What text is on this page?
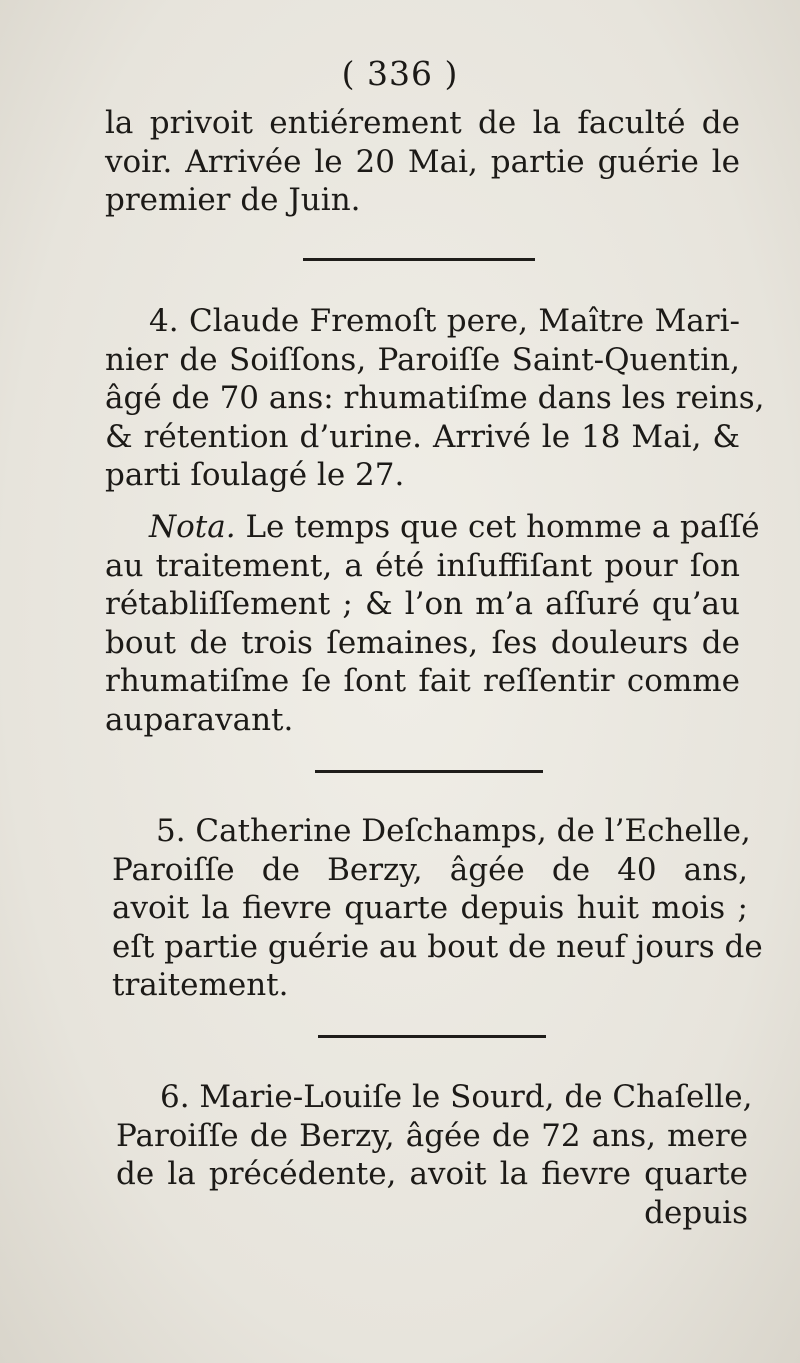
( 336 )
la privoit entiérement de la faculté de
voir. Arrivée le 20 Mai, partie guérie le
premier de Juin.
4. Claude Fremoſt pere, Maître Mari-
nier de Soiſſons, Paroiſſe Saint-Quentin,
âgé de 70 ans: rhumatiſme dans les reins,
& rétention d’urine. Arrivé le 18 Mai, &
parti ſoulagé le 27.
Nota. Le temps que cet homme a paſſé
au traitement, a été inſuffiſant pour ſon
rétabliſſement ; & l’on m’a aſſuré qu’au
bout de trois ſemaines, ſes douleurs de
rhumatiſme ſe ſont fait reſſentir comme
auparavant.
5. Catherine Deſchamps, de l’Echelle,
Paroiſſe de Berzy, âgée de 40 ans,
avoit la fievre quarte depuis huit mois ;
eſt partie guérie au bout de neuf jours de
traitement.
6. Marie-Louiſe le Sourd, de Chaſelle,
Paroiſſe de Berzy, âgée de 72 ans, mere
de la précédente, avoit la fievre quarte
depuis
